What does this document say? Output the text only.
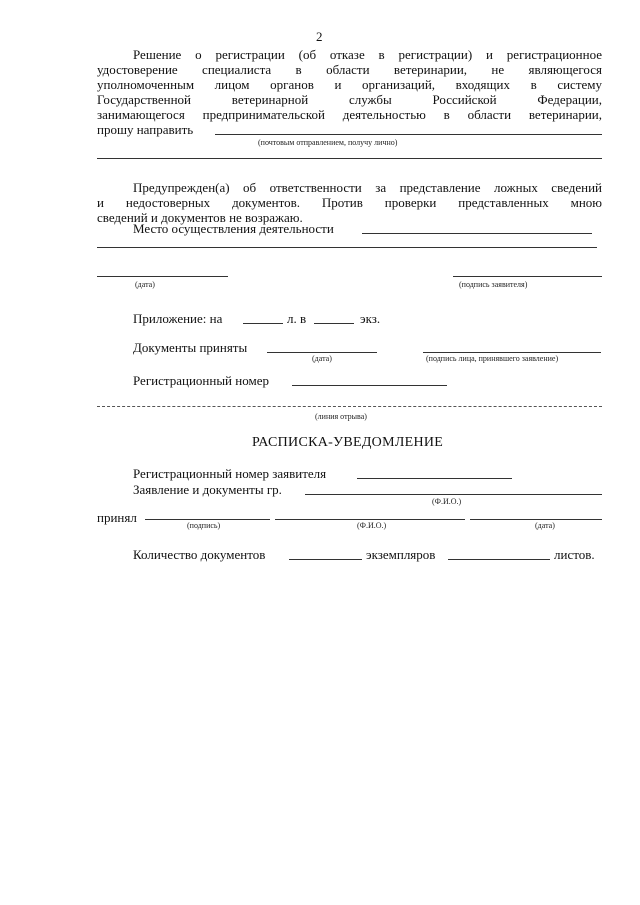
2
Решение о регистрации (об отказе в регистрации) и регистрационное
удостоверение специалиста в области ветеринарии, не являющегося
уполномоченным лицом органов и организаций, входящих в систему
Государственной ветеринарной службы Российской Федерации,
занимающегося предпринимательской деятельностью в области ветеринарии,
прошу направить
(почтовым отправлением, получу лично)
Предупрежден(а) об ответственности за представление ложных сведений
и недостоверных документов. Против проверки представленных мною
сведений и документов не возражаю.
Место осуществления деятельности
(дата)	(подпись заявителя)
Приложение: на	л. в	экз.
Документы приняты
(дата)	(подпись лица, принявшего заявление)
Регистрационный номер
(линия отрыва)
РАСПИСКА-УВЕДОМЛЕНИЕ
Регистрационный номер заявителя
Заявление и документы гр.
(Ф.И.О.)
принял
(подпись)	(Ф.И.О.)	(дата)
Количество документов	экземпляров	листов.
